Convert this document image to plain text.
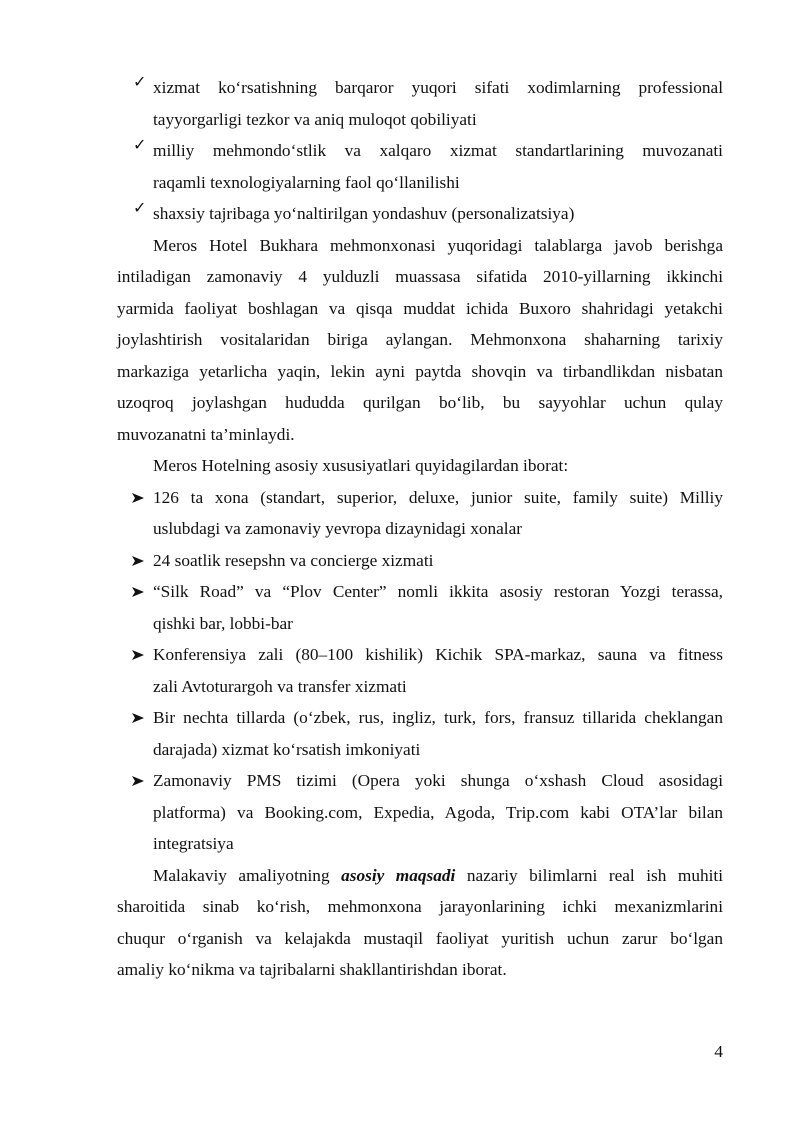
✓ xizmat ko‘rsatishning barqaror yuqori sifati xodimlarning professional
tayyorgarligi tezkor va aniq muloqot qobiliyati
✓ milliy mehmondo‘stlik va xalqaro xizmat standartlarining muvozanati
raqamli texnologiyalarning faol qo‘llanilishi
✓ shaxsiy tajribaga yo‘naltirilgan yondashuv (personalizatsiya)
Meros Hotel Bukhara mehmonxonasi yuqoridagi talablarga javob berishga
intiladigan zamonaviy 4 yulduzli muassasa sifatida 2010-yillarning ikkinchi
yarmida faoliyat boshlagan va qisqa muddat ichida Buxoro shahridagi yetakchi
joylashtirish vositalaridan biriga aylangan. Mehmonxona shaharning tarixiy
markaziga yetarlicha yaqin, lekin ayni paytda shovqin va tirbandlikdan nisbatan
uzoqroq joylashgan hududda qurilgan bo‘lib, bu sayyohlar uchun qulay
muvozanatni ta’minlaydi.
Meros Hotelning asosiy xususiyatlari quyidagilardan iborat:
126 ta xona (standart, superior, deluxe, junior suite, family suite) Milliy
uslubdagi va zamonaviy yevropa dizaynidagi xonalar
24 soatlik resepshn va concierge xizmati
“Silk Road” va “Plov Center” nomli ikkita asosiy restoran Yozgi terassa,
qishki bar, lobbi-bar
Konferensiya zali (80–100 kishilik) Kichik SPA-markaz, sauna va fitness
zali Avtoturargoh va transfer xizmati
Bir nechta tillarda (o‘zbek, rus, ingliz, turk, fors, fransuz tillarida cheklangan
darajada) xizmat ko‘rsatish imkoniyati
Zamonaviy PMS tizimi (Opera yoki shunga o‘xshash Cloud asosidagi
platforma) va Booking.com, Expedia, Agoda, Trip.com kabi OTA’lar bilan
integratsiya
Malakaviy amaliyotning asosiy maqsadi nazariy bilimlarni real ish muhiti
sharoitida sinab ko‘rish, mehmonxona jarayonlarining ichki mexanizmlarini
chuqur o‘rganish va kelajakda mustaqil faoliyat yuritish uchun zarur bo‘lgan
amaliy ko‘nikma va tajribalarni shakllantirishdan iborat.
4
